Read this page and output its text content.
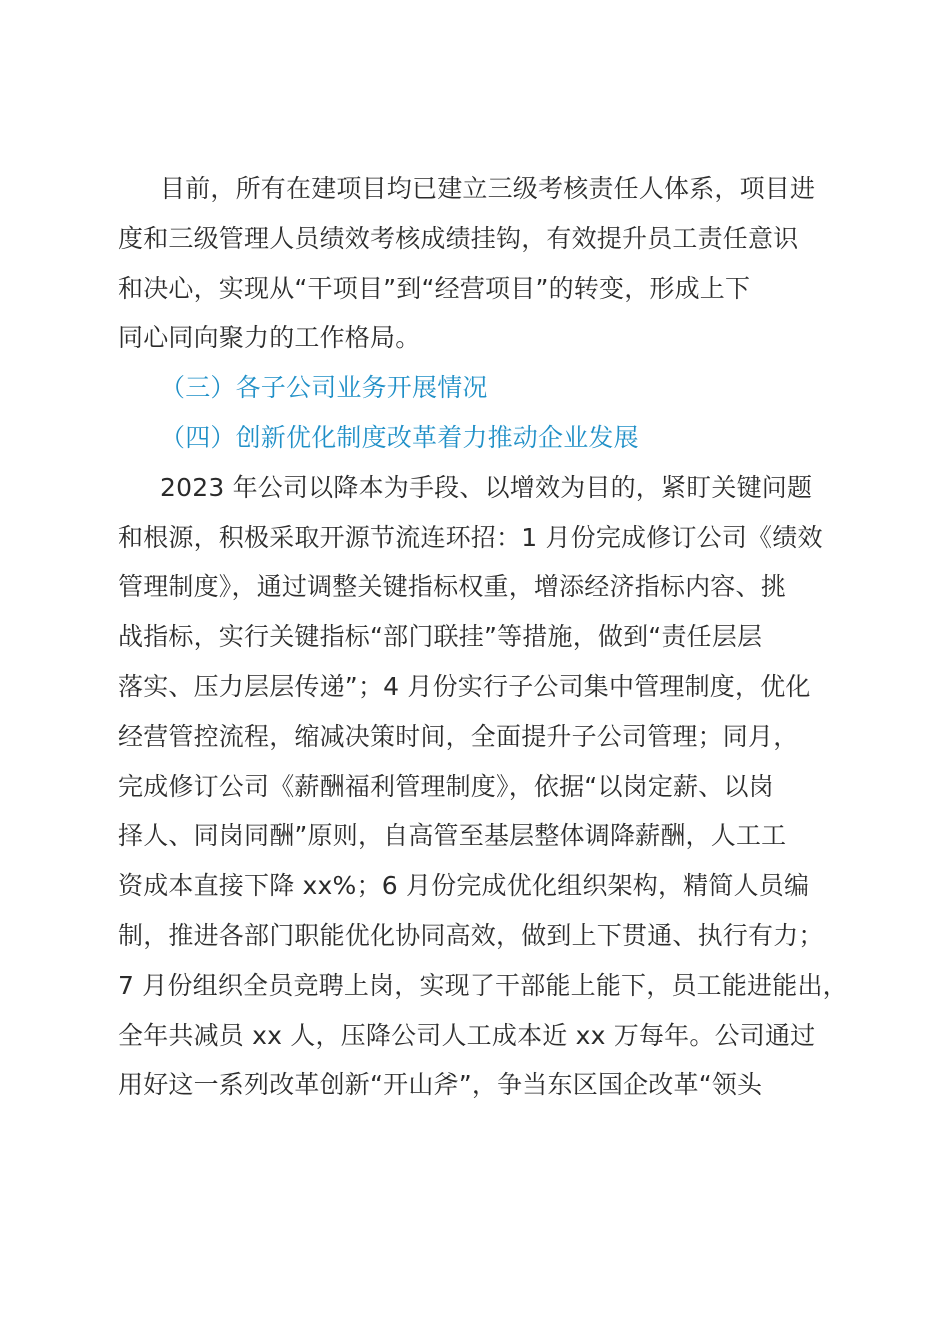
目前，所有在建项目均已建立三级考核责任人体系，项目进
度和三级管理人员绩效考核成绩挂钩，有效提升员工责任意识
和决心，实现从“干项目”到“经营项目”的转变，形成上下
同心同向聚力的工作格局。
（三）各子公司业务开展情况
（四）创新优化制度改革着力推动企业发展
2023 年公司以降本为手段、以增效为目的，紧盯关键问题
和根源，积极采取开源节流连环招：1 月份完成修订公司《绩效
管理制度》，通过调整关键指标权重，增添经济指标内容、挑
战指标，实行关键指标“部门联挂”等措施，做到“责任层层
落实、压力层层传递”；4 月份实行子公司集中管理制度，优化
经营管控流程，缩减决策时间，全面提升子公司管理；同月，
完成修订公司《薪酬福利管理制度》，依据“以岗定薪、以岗
择人、同岗同酬”原则，自高管至基层整体调降薪酬，人工工
资成本直接下降 xx%；6 月份完成优化组织架构，精简人员编
制，推进各部门职能优化协同高效，做到上下贯通、执行有力；
7 月份组织全员竞聘上岗，实现了干部能上能下，员工能进能出，
全年共减员 xx 人，压降公司人工成本近 xx 万每年。公司通过
用好这一系列改革创新“开山斧”，争当东区国企改革“领头
